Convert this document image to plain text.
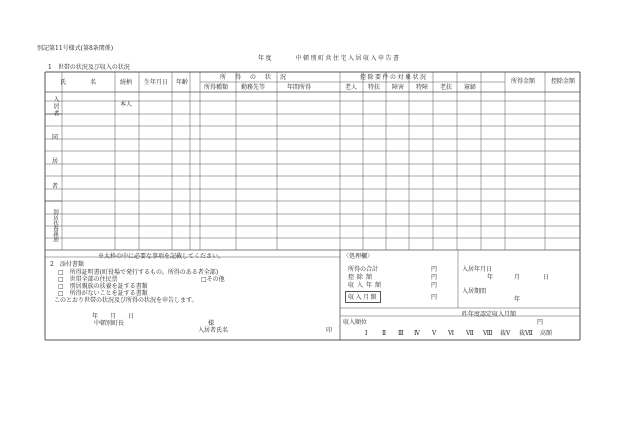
別記第11号様式(第8条関係)
年度　　　中頓別町営住宅入居収入申告書
1　世帯の状況及び収入の状況
氏　　　　名	続柄 生年月日 年齢
所　得　の　状　況
所得種類 勤務先等	年間所得
控除要件の対象状況
老人 特扶 障害 特障 老扶 寡婦
所得金額	控除金額
入居者	本人
同
居
者
別居扶養親族
※太枠の中に必要な事項を記載してください。
2　添付書類
□　所得証明書(町役場で発行するもの。所得のある者全部)
□　世帯全部の住民票	□その他
□　別居親族の扶養を証する書類
□　所得がないことを証する書類
このとおり世帯の状況及び所得の状況を申告します。
年　　月　　日
中頓別町長	様
入居者氏名	印
〈処理欄〉
所得の合計	円
控除額	円
収入年額	円
収入月額	円
入居年月日
年	月	日
入居期間
年
昨年度認定収入月額
円
収入順位
Ⅰ Ⅱ Ⅲ Ⅳ Ⅴ Ⅵ Ⅶ Ⅷ 裁Ⅴ 裁Ⅶ 高額
